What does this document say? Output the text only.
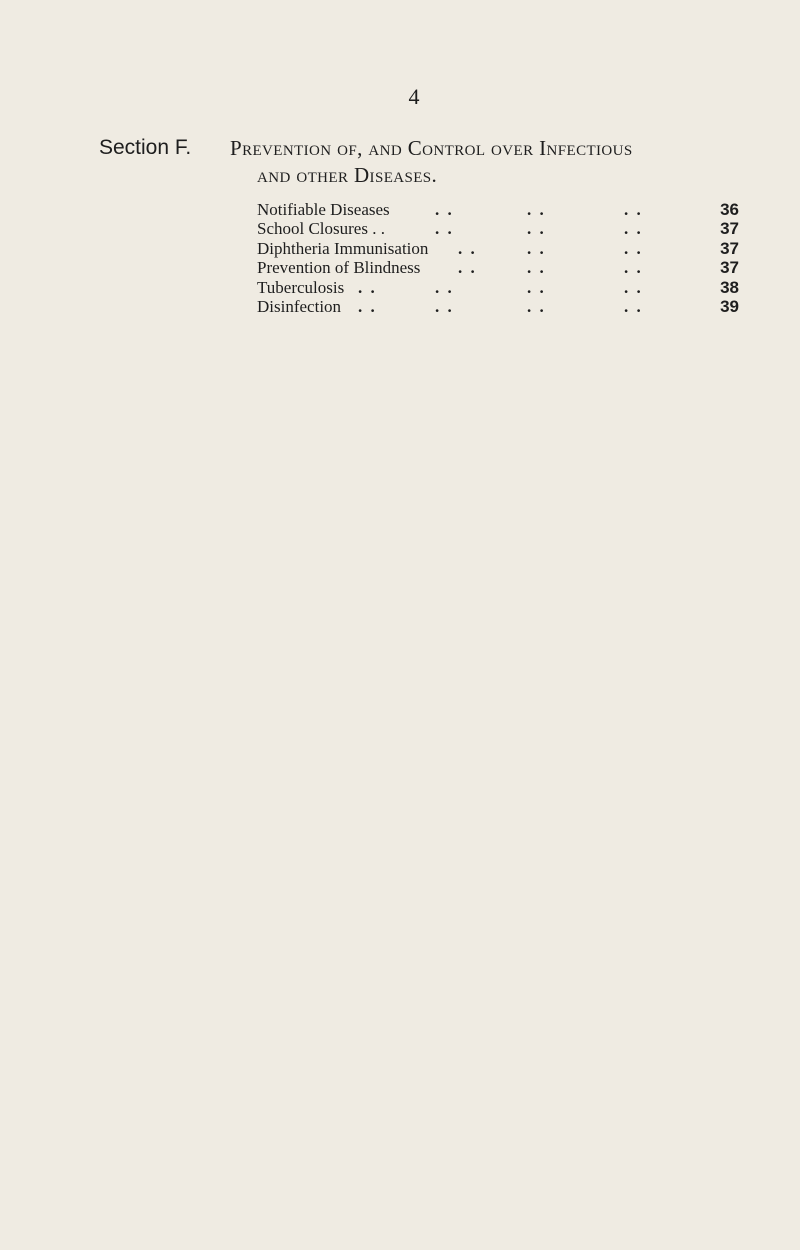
4
Section F. Prevention of, and Control over Infectious
and other Diseases.
Notifiable Diseases	. .	. .	. .	36
School Closures . .	. .	. .	. .	37
Diphtheria Immunisation . .	. .	. .	37
Prevention of Blindness . .	. .	. .	37
Tuberculosis . .	. .	. .	. .	38
Disinfection . .	. .	. .	. .	39
